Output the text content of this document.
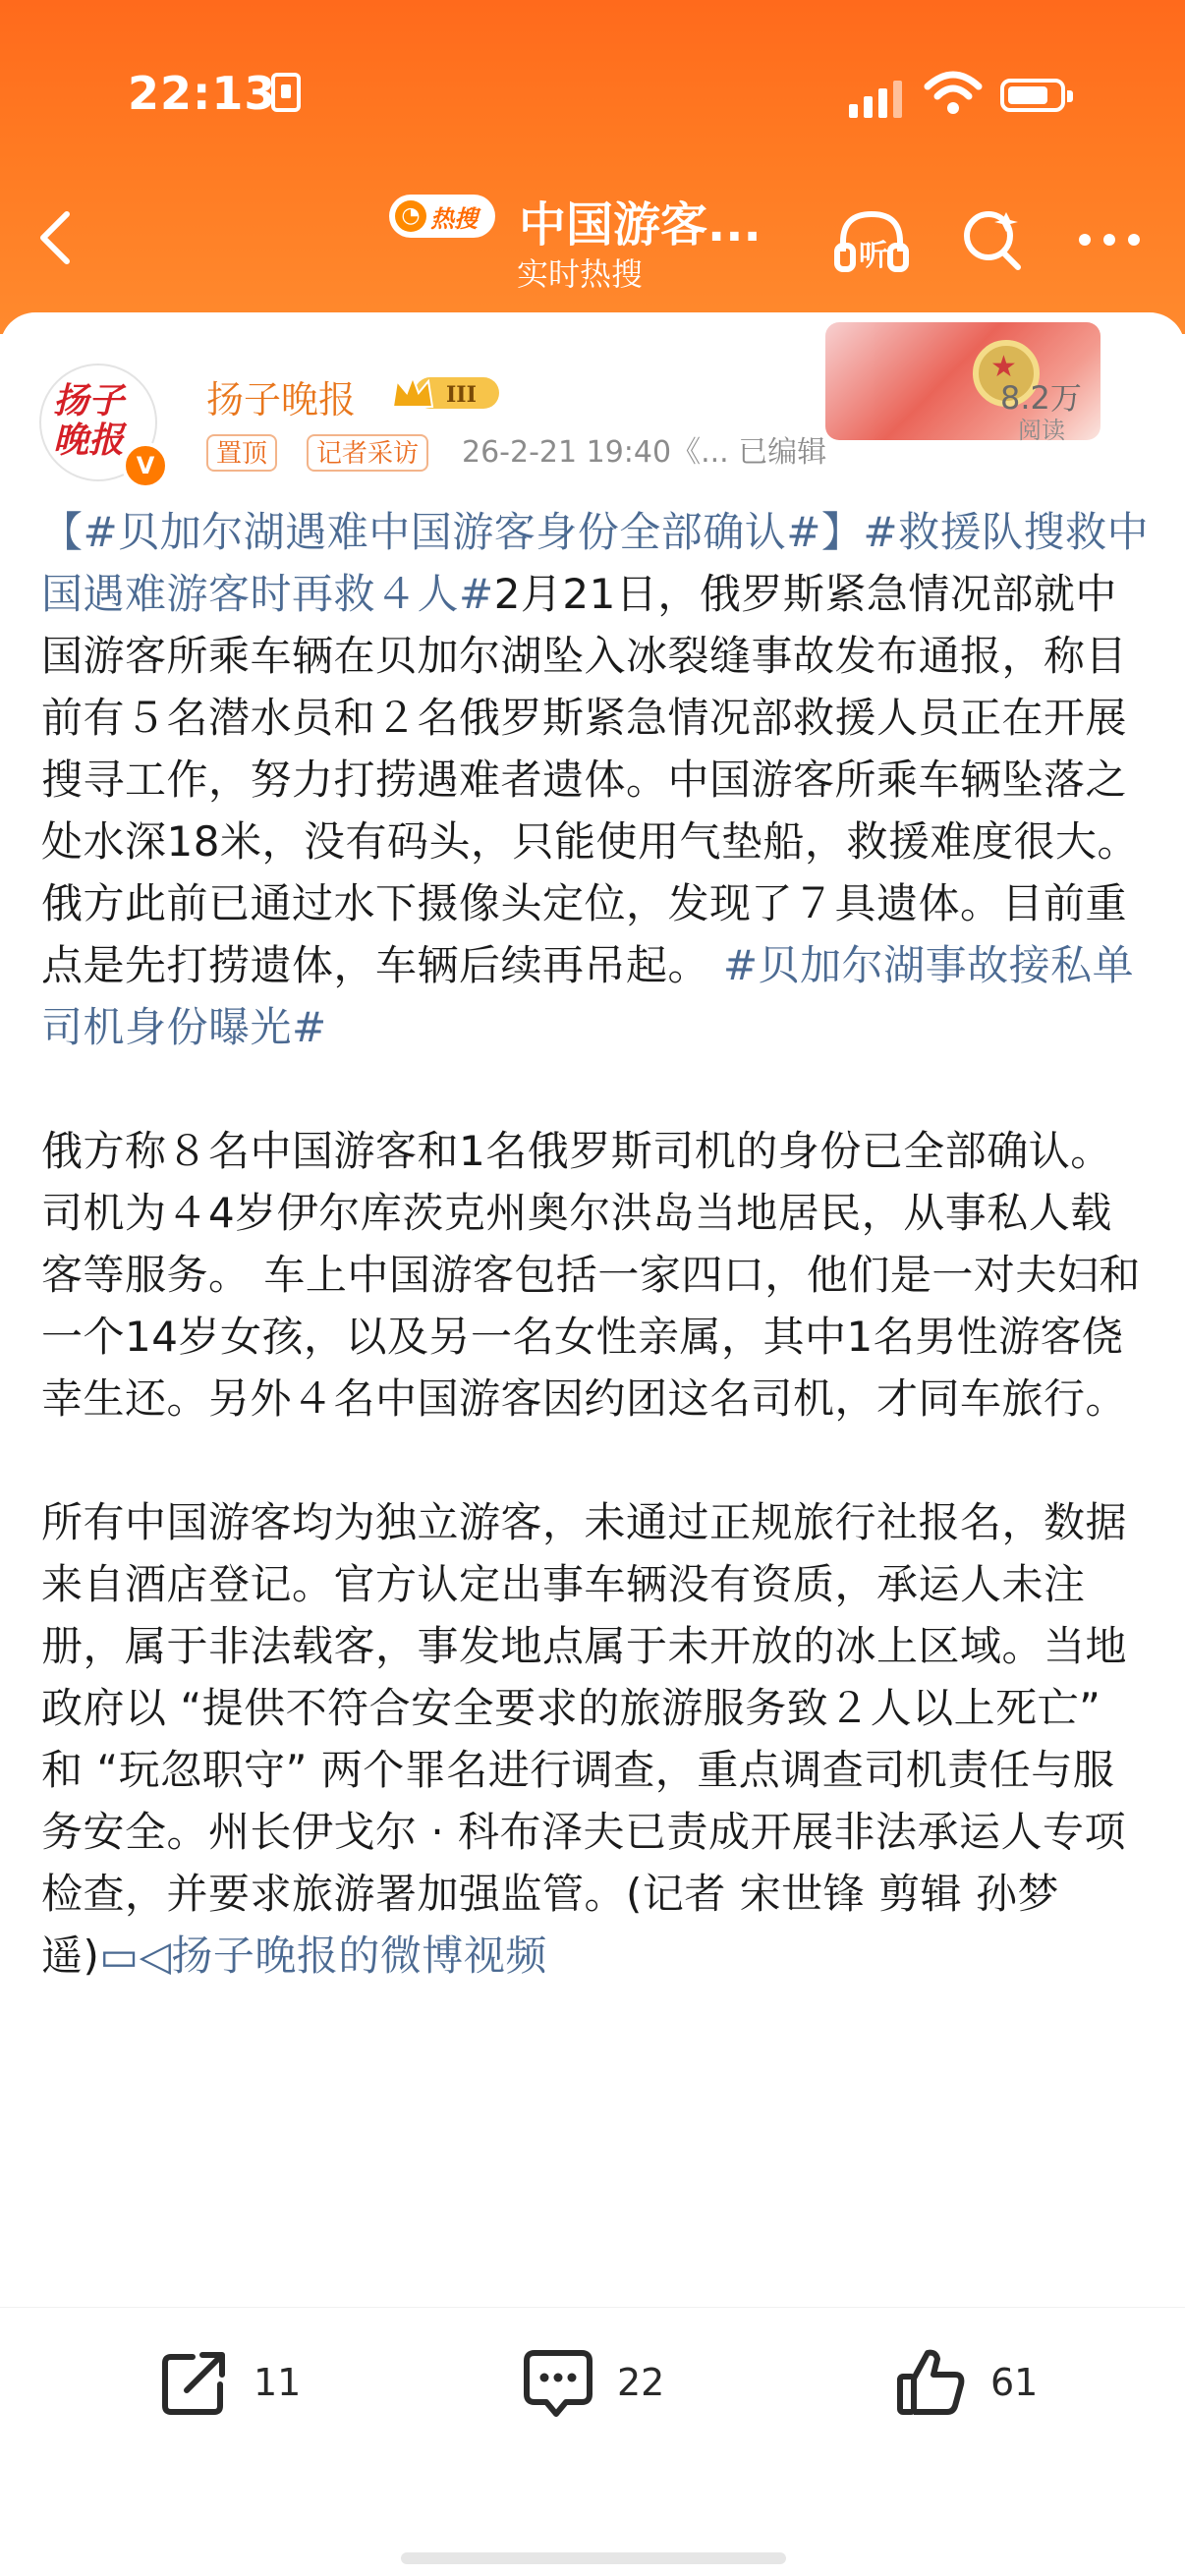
22:13
◔ 热搜 中国游客...
实时热搜	听
扬子晚报
V
扬子晚报	III
置顶	记者采访	26-2-21 19:40《... 已编辑
★
8.2万
阅读

【#贝加尔湖遇难中国游客身份全部确认#】#救援队搜救中国遇难游客时再救４人#2月21日，俄罗斯紧急情况部就中国游客所乘车辆在贝加尔湖坠入冰裂缝事故发布通报，称目前有５名潜水员和２名俄罗斯紧急情况部救援人员正在开展搜寻工作，努力打捞遇难者遗体。中国游客所乘车辆坠落之处水深18米，没有码头，只能使用气垫船，救援难度很大。俄方此前已通过水下摄像头定位，发现了７具遗体。目前重点是先打捞遗体，车辆后续再吊起。 #贝加尔湖事故接私单司机身份曝光#

俄方称８名中国游客和1名俄罗斯司机的身份已全部确认。司机为４4岁伊尔库茨克州奥尔洪岛当地居民，从事私人载客等服务。 车上中国游客包括一家四口，他们是一对夫妇和一个14岁女孩，以及另一名女性亲属，其中1名男性游客侥幸生还。另外４名中国游客因约团这名司机，才同车旅行。

所有中国游客均为独立游客，未通过正规旅行社报名，数据来自酒店登记。官方认定出事车辆没有资质，承运人未注册，属于非法载客，事发地点属于未开放的冰上区域。当地政府以 “提供不符合安全要求的旅游服务致２人以上死亡” 和 “玩忽职守” 两个罪名进行调查，重点调查司机责任与服务安全。州长伊戈尔 · 科布泽夫已责成开展非法承运人专项检查，并要求旅游署加强监管。(记者 宋世锋 剪辑 孙梦遥)▭◁扬子晚报的微博视频

11	22	61
